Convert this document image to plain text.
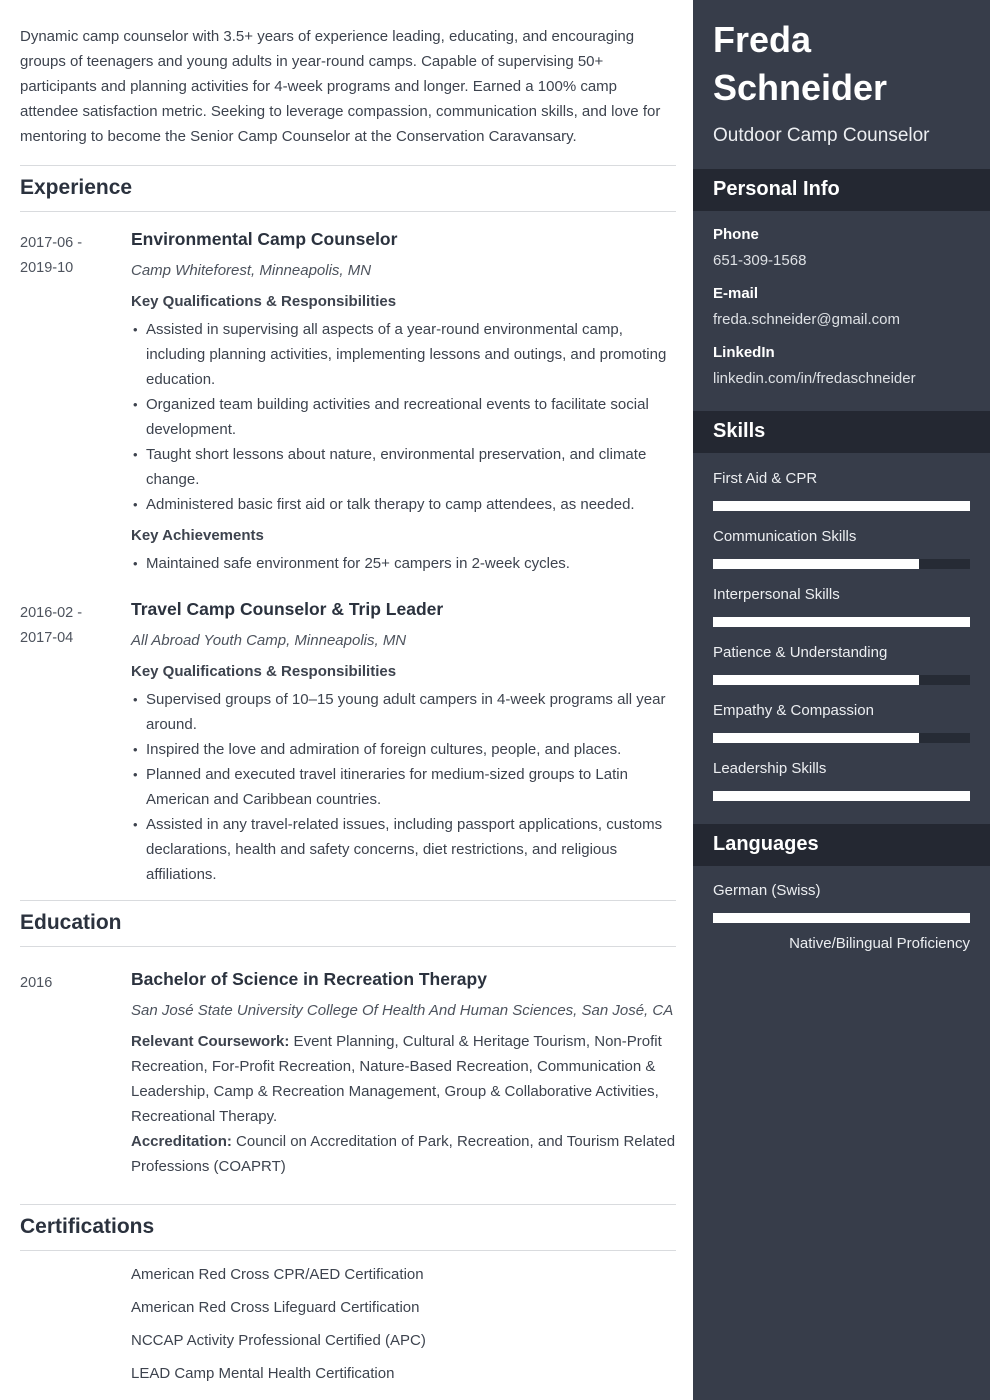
Dynamic camp counselor with 3.5+ years of experience leading, educating, and encouraging groups of teenagers and young adults in year-round camps. Capable of supervising 50+ participants and planning activities for 4-week programs and longer. Earned a 100% camp attendee satisfaction metric. Seeking to leverage compassion, communication skills, and love for mentoring to become the Senior Camp Counselor at the Conservation Caravansary.

Experience
2017-06 -
2019-10
Environmental Camp Counselor

Camp Whiteforest, Minneapolis, MN

Key Qualifications & Responsibilities

• Assisted in supervising all aspects of a year-round environmental camp, including planning activities, implementing lessons and outings, and promoting education.
• Organized team building activities and recreational events to facilitate social development.
• Taught short lessons about nature, environmental preservation, and climate change.
• Administered basic first aid or talk therapy to camp attendees, as needed.

Key Achievements

• Maintained safe environment for 25+ campers in 2-week cycles.
2016-02 -
2017-04
Travel Camp Counselor & Trip Leader

All Abroad Youth Camp, Minneapolis, MN

Key Qualifications & Responsibilities

• Supervised groups of 10–15 young adult campers in 4-week programs all year around.
• Inspired the love and admiration of foreign cultures, people, and places.
• Planned and executed travel itineraries for medium-sized groups to Latin American and Caribbean countries.
• Assisted in any travel-related issues, including passport applications, customs declarations, health and safety concerns, diet restrictions, and religious affiliations.
Education
2016	Bachelor of Science in Recreation Therapy

San José State University College Of Health And Human Sciences, San José, CA

Relevant Coursework: Event Planning, Cultural & Heritage Tourism, Non-Profit Recreation, For-Profit Recreation, Nature-Based Recreation, Communication & Leadership, Camp & Recreation Management, Group & Collaborative Activities, Recreational Therapy.

Accreditation: Council on Accreditation of Park, Recreation, and Tourism Related Professions (COAPRT)

Certifications
American Red Cross CPR/AED Certification
American Red Cross Lifeguard Certification
NCCAP Activity Professional Certified (APC)
LEAD Camp Mental Health Certification
Freda Schneider

Outdoor Camp Counselor

Personal Info
Phone
651-309-1568
E-mail
freda.schneider@gmail.com
LinkedIn
linkedin.com/in/fredaschneider
Skills
First Aid & CPR
Communication Skills
Interpersonal Skills
Patience & Understanding
Empathy & Compassion
Leadership Skills
Languages
German (Swiss)
Native/Bilingual Proficiency
